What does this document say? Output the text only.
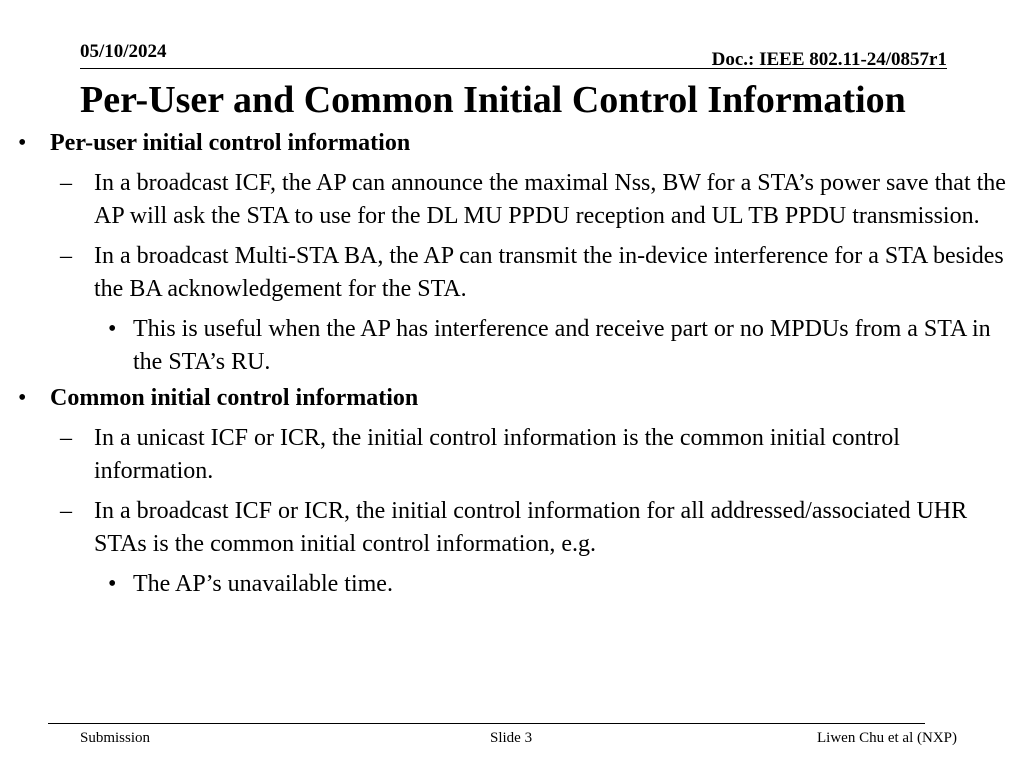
05/10/2024	Doc.: IEEE 802.11-24/0857r1
Per-User and Common Initial Control Information
• Per-user initial control information
– In a broadcast ICF, the AP can announce the maximal Nss, BW for a STA’s power save that the AP will ask the STA to use for the DL MU PPDU reception and UL TB PPDU transmission.
– In a broadcast Multi-STA BA, the AP can transmit the in-device interference for a STA besides the BA acknowledgement for the STA.
• This is useful when the AP has interference and receive part or no MPDUs from a STA in the STA’s RU.
• Common initial control information
– In a unicast ICF or ICR, the initial control information is the common initial control information.
– In a broadcast ICF or ICR, the initial control information for all addressed/associated UHR STAs is the common initial control information, e.g.
• The AP’s unavailable time.
Submission	Slide 3	Liwen Chu et al (NXP)
